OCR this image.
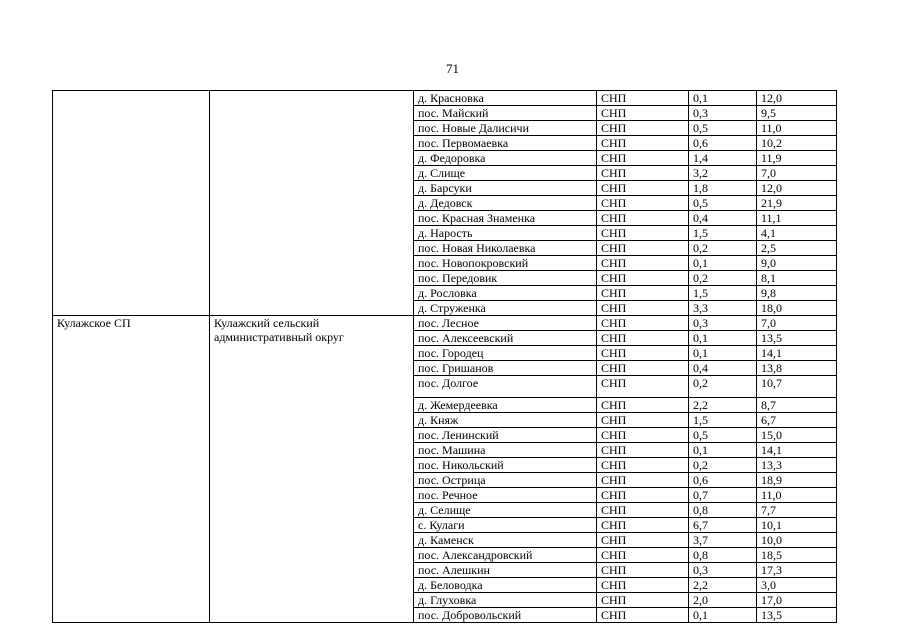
71
		д. Красновка	СНП	0,1	12,0
		пос. Майский	СНП	0,3	9,5
		пос. Новые Далисичи	СНП	0,5	11,0
		пос. Первомаевка	СНП	0,6	10,2
		д. Федоровка	СНП	1,4	11,9
		д. Слище	СНП	3,2	7,0
		д. Барсуки	СНП	1,8	12,0
		д. Дедовск	СНП	0,5	21,9
		пос. Красная Знаменка	СНП	0,4	11,1
		д. Нарость	СНП	1,5	4,1
		пос. Новая Николаевка	СНП	0,2	2,5
		пос. Новопокровский	СНП	0,1	9,0
		пос. Передовик	СНП	0,2	8,1
		д. Рословка	СНП	1,5	9,8
		д. Струженка	СНП	3,3	18,0
Кулажское СП	Кулажский сельский административный округ	пос. Лесное	СНП	0,3	7,0
		пос. Алексеевский	СНП	0,1	13,5
		пос. Городец	СНП	0,1	14,1
		пос. Гришанов	СНП	0,4	13,8
		пос. Долгое	СНП	0,2	10,7
		д. Жемердеевка	СНП	2,2	8,7
		д. Княж	СНП	1,5	6,7
		пос. Ленинский	СНП	0,5	15,0
		пос. Машина	СНП	0,1	14,1
		пос. Никольский	СНП	0,2	13,3
		пос. Острица	СНП	0,6	18,9
		пос. Речное	СНП	0,7	11,0
		д. Селище	СНП	0,8	7,7
		с. Кулаги	СНП	6,7	10,1
		д. Каменск	СНП	3,7	10,0
		пос. Александровский	СНП	0,8	18,5
		пос. Алешкин	СНП	0,3	17,3
		д. Беловодка	СНП	2,2	3,0
		д. Глуховка	СНП	2,0	17,0
		пос. Добровольский	СНП	0,1	13,5
